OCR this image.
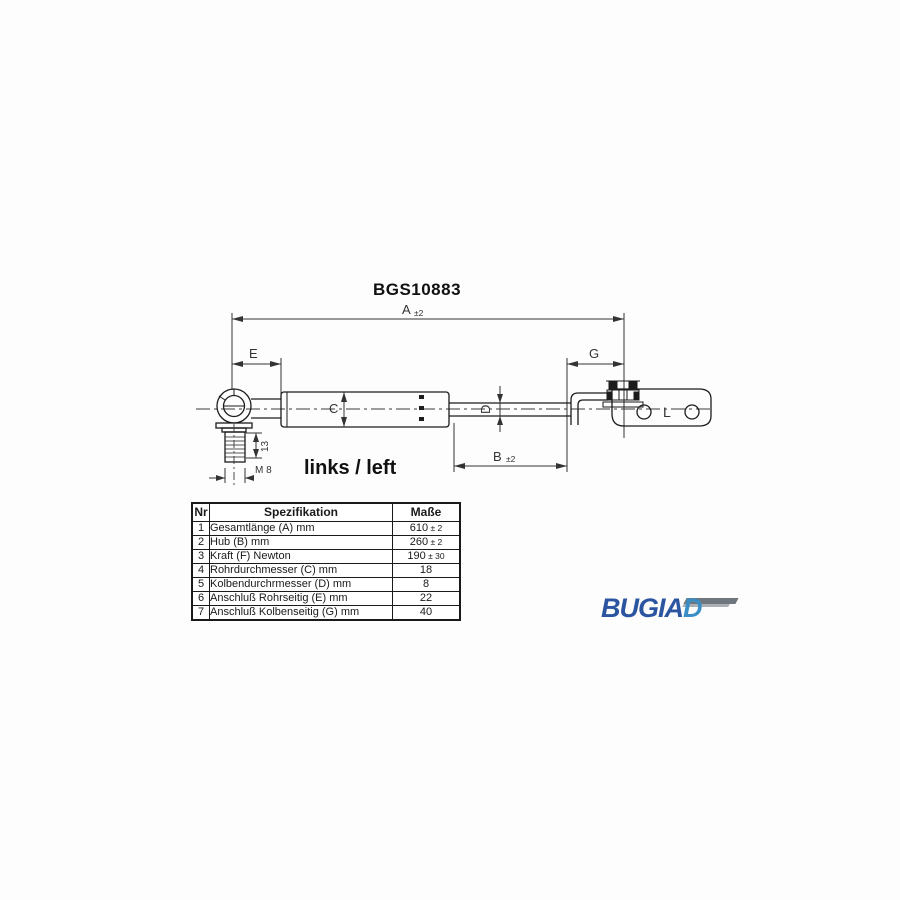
BGS10883
A ±2
E	G
B ±2
13
M 8
C	D	L
links / left
Nr	Spezifikation	Maße
1	Gesamtlänge (A) mm	610 ± 2
2	Hub (B) mm	260 ± 2
3	Kraft (F) Newton	190 ± 30
4	Rohrdurchmesser (C) mm	18
5	Kolbendurchrmesser (D) mm	8
6	Anschluß Rohrseitig (E) mm	22
7	Anschluß Kolbenseitig (G) mm	40	BUGIAD
